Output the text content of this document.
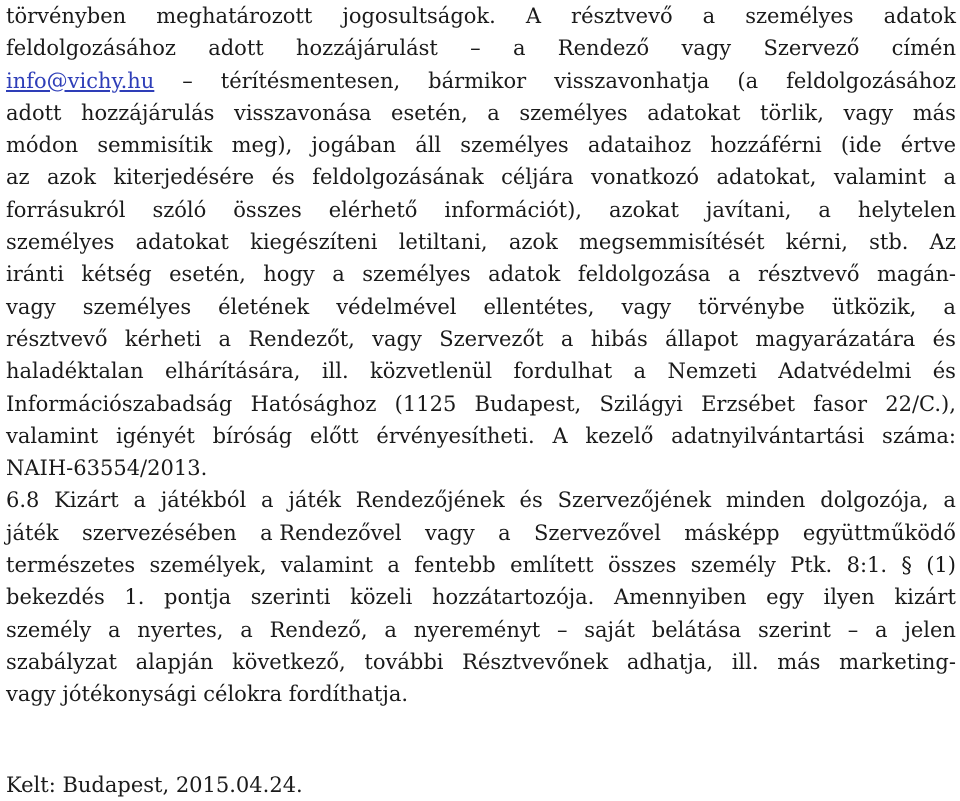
törvényben meghatározott jogosultságok. A résztvevő a személyes adatok
feldolgozásához adott hozzájárulást – a Rendező vagy Szervező címén
info@vichy.hu – térítésmentesen, bármikor visszavonhatja (a feldolgozásához
adott hozzájárulás visszavonása esetén, a személyes adatokat törlik, vagy más
módon semmisítik meg), jogában áll személyes adataihoz hozzáférni (ide értve
az azok kiterjedésére és feldolgozásának céljára vonatkozó adatokat, valamint a
forrásukról szóló összes elérhető információt), azokat javítani, a helytelen
személyes adatokat kiegészíteni letiltani, azok megsemmisítését kérni, stb. Az
iránti kétség esetén, hogy a személyes adatok feldolgozása a résztvevő magán-
vagy személyes életének védelmével ellentétes, vagy törvénybe ütközik, a
résztvevő kérheti a Rendezőt, vagy Szervezőt a hibás állapot magyarázatára és
haladéktalan elhárítására, ill. közvetlenül fordulhat a Nemzeti Adatvédelmi és
Információszabadság Hatósághoz (1125 Budapest, Szilágyi Erzsébet fasor 22/C.),
valamint igényét bíróság előtt érvényesítheti. A kezelő adatnyilvántartási száma:
NAIH-63554/2013.
6.8 Kizárt a játékból a játék Rendezőjének és Szervezőjének minden dolgozója, a
játék szervezésében a Rendezővel vagy a Szervezővel másképp együttműködő
természetes személyek, valamint a fentebb említett összes személy Ptk. 8:1. § (1)
bekezdés 1. pontja szerinti közeli hozzátartozója. Amennyiben egy ilyen kizárt
személy a nyertes, a Rendező, a nyereményt – saját belátása szerint – a jelen
szabályzat alapján következő, további Résztvevőnek adhatja, ill. más marketing-
vagy jótékonysági célokra fordíthatja.
Kelt: Budapest, 2015.04.24.
